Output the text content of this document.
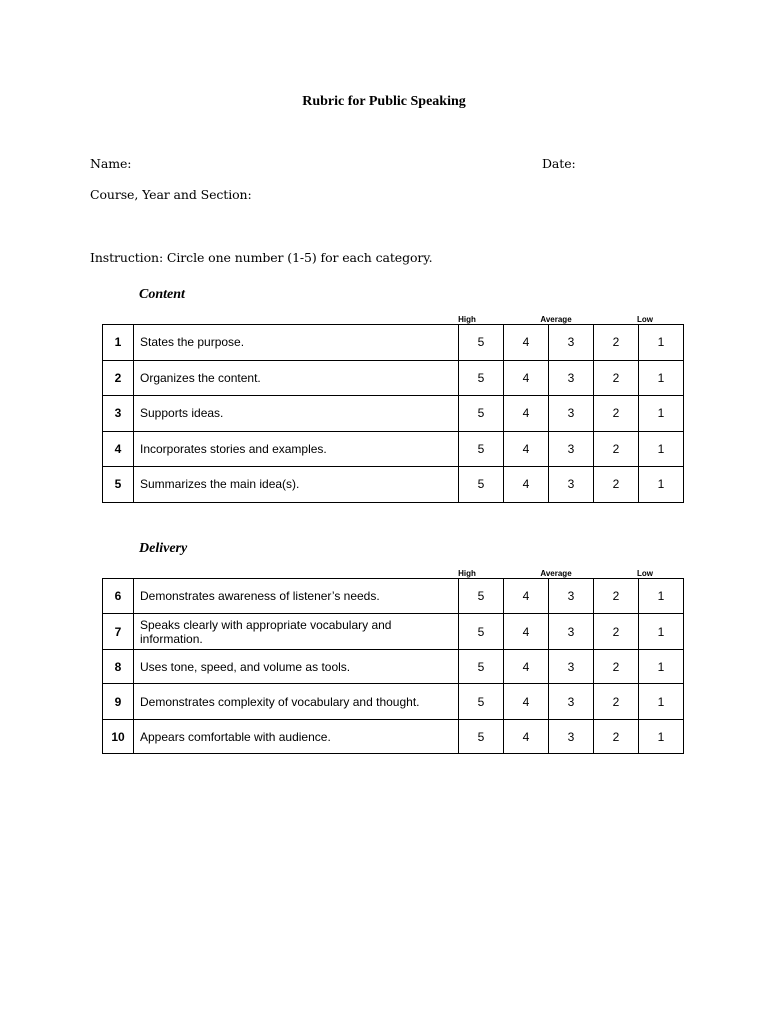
Rubric for Public Speaking
Name:	Date:
Course, Year and Section:
Instruction: Circle one number (1-5) for each category.
Content
High	Average	Low
1	States the purpose.	5	4	3	2	1
2	Organizes the content.	5	4	3	2	1
3	Supports ideas.	5	4	3	2	1
4	Incorporates stories and examples.	5	4	3	2	1
5	Summarizes the main idea(s).	5	4	3	2	1
Delivery
High	Average	Low
6	Demonstrates awareness of listener’s needs.	5	4	3	2	1
7	Speaks clearly with appropriate vocabulary and information.	5	4	3	2	1
8	Uses tone, speed, and volume as tools.	5	4	3	2	1
9	Demonstrates complexity of vocabulary and thought.	5	4	3	2	1
10	Appears comfortable with audience.	5	4	3	2	1
